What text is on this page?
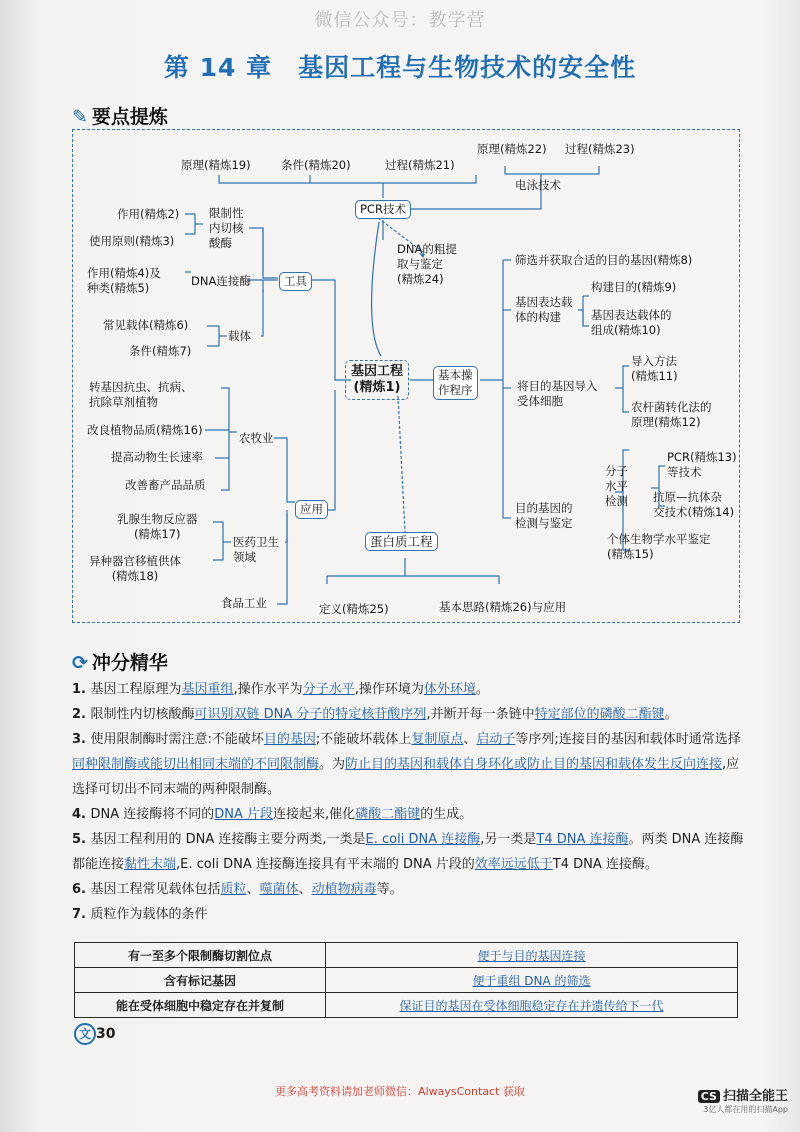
微信公众号：教学营
第 14 章　基因工程与生物技术的安全性
✎ 要点提炼
原理(精炼19)	条件(精炼20)	过程(精炼21)
PCR技术
原理(精炼22) 过程(精炼23)
电泳技术
DNA的粗提
取与鉴定
(精炼24)
作用(精炼2)
使用原则(精炼3)
限制性
内切核
酸酶
作用(精炼4)及
种类(精炼5)	DNA连接酶	工具
常见载体(精炼6)
条件(精炼7)
载体
基因工程
(精炼1)
转基因抗虫、抗病、
抗除草剂植物
改良植物品质(精炼16)
提高动物生长速率
改善畜产品品质
农牧业
乳腺生物反应器
(精炼17)
异种器官移植供体
(精炼18)
医药卫生
领域
食品工业
应用
蛋白质工程
定义(精炼25)	基本思路(精炼26)与应用
基本操
作程序
筛选并获取合适的目的基因(精炼8)
基因表达载
体的构建
构建目的(精炼9)
基因表达载体的
组成(精炼10)
将目的基因导入
受体细胞
导入方法
(精炼11)
农杆菌转化法的
原理(精炼12)
目的基因的
检测与鉴定
分子
水平
检测
PCR(精炼13)
等技术
抗原—抗体杂
交技术(精炼14)
个体生物学水平鉴定
(精炼15)
⟳ 冲分精华

1. 基因工程原理为基因重组,操作水平为分子水平,操作环境为体外环境。

2. 限制性内切核酸酶可识别双链 DNA 分子的特定核苷酸序列,并断开每一条链中特定部位的磷酸二酯键。

3. 使用限制酶时需注意:不能破坏目的基因;不能破坏载体上复制原点、启动子等序列;连接目的基因和载体时通常选择同种限制酶或能切出相同末端的不同限制酶。为防止目的基因和载体自身环化或防止目的基因和载体发生反向连接,应选择可切出不同末端的两种限制酶。

4. DNA 连接酶将不同的DNA 片段连接起来,催化磷酸二酯键的生成。

5. 基因工程利用的 DNA 连接酶主要分两类,一类是E. coli DNA 连接酶,另一类是T4 DNA 连接酶。两类 DNA 连接酶都能连接黏性末端,E. coli DNA 连接酶连接具有平末端的 DNA 片段的效率远远低于T4 DNA 连接酶。

6. 基因工程常见载体包括质粒、噬菌体、动植物病毒等。

7. 质粒作为载体的条件

有一至多个限制酶切割位点	便于与目的基因连接
含有标记基因	便于重组 DNA 的筛选
能在受体细胞中稳定存在并复制	保证目的基因在受体细胞稳定存在并遗传给下一代
文 30
更多高考资料请加老师微信：AlwaysContact 获取	CS 扫描全能王
3亿人都在用的扫描App
